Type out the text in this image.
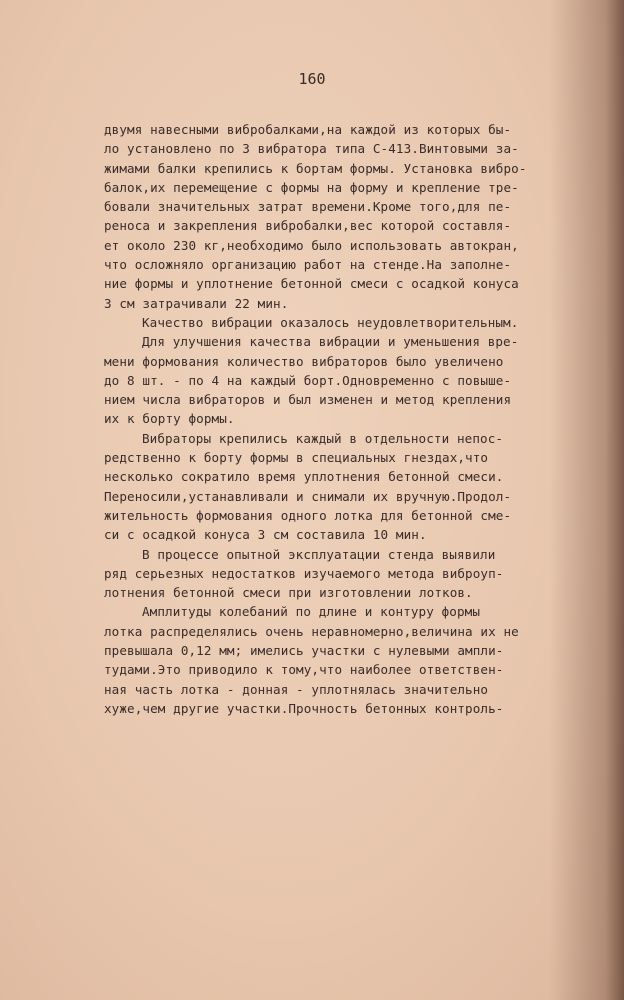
160
двумя навесными вибробалками,на каждой из которых бы-
ло установлено по 3 вибратора типа С-413.Винтовыми за-
жимами балки крепились к бортам формы. Установка вибро-
балок,их перемещение с формы на форму и крепление тре-
бовали значительных затрат времени.Кроме того,для пе-
реноса и закрепления вибробалки,вес которой составля-
ет около 230 кг,необходимо было использовать автокран,
что осложняло организацию работ на стенде.На заполне-
ние формы и уплотнение бетонной смеси с осадкой конуса
3 см затрачивали 22 мин.
Качество вибрации оказалось неудовлетворительным.
Для улучшения качества вибрации и уменьшения вре-
мени формования количество вибраторов было увеличено
до 8 шт. - по 4 на каждый борт.Одновременно с повыше-
нием числа вибраторов и был изменен и метод крепления
их к борту формы.
Вибраторы крепились каждый в отдельности непос-
редственно к борту формы в специальных гнездах,что
несколько сократило время уплотнения бетонной смеси.
Переносили,устанавливали и снимали их вручную.Продол-
жительность формования одного лотка для бетонной сме-
си с осадкой конуса 3 см составила 10 мин.
В процессе опытной эксплуатации стенда выявили
ряд серьезных недостатков изучаемого метода виброуп-
лотнения бетонной смеси при изготовлении лотков.
Амплитуды колебаний по длине и контуру формы
лотка распределялись очень неравномерно,величина их не
превышала 0,12 мм; имелись участки с нулевыми ампли-
тудами.Это приводило к тому,что наиболее ответствен-
ная часть лотка - донная - уплотнялась значительно
хуже,чем другие участки.Прочность бетонных контроль-
